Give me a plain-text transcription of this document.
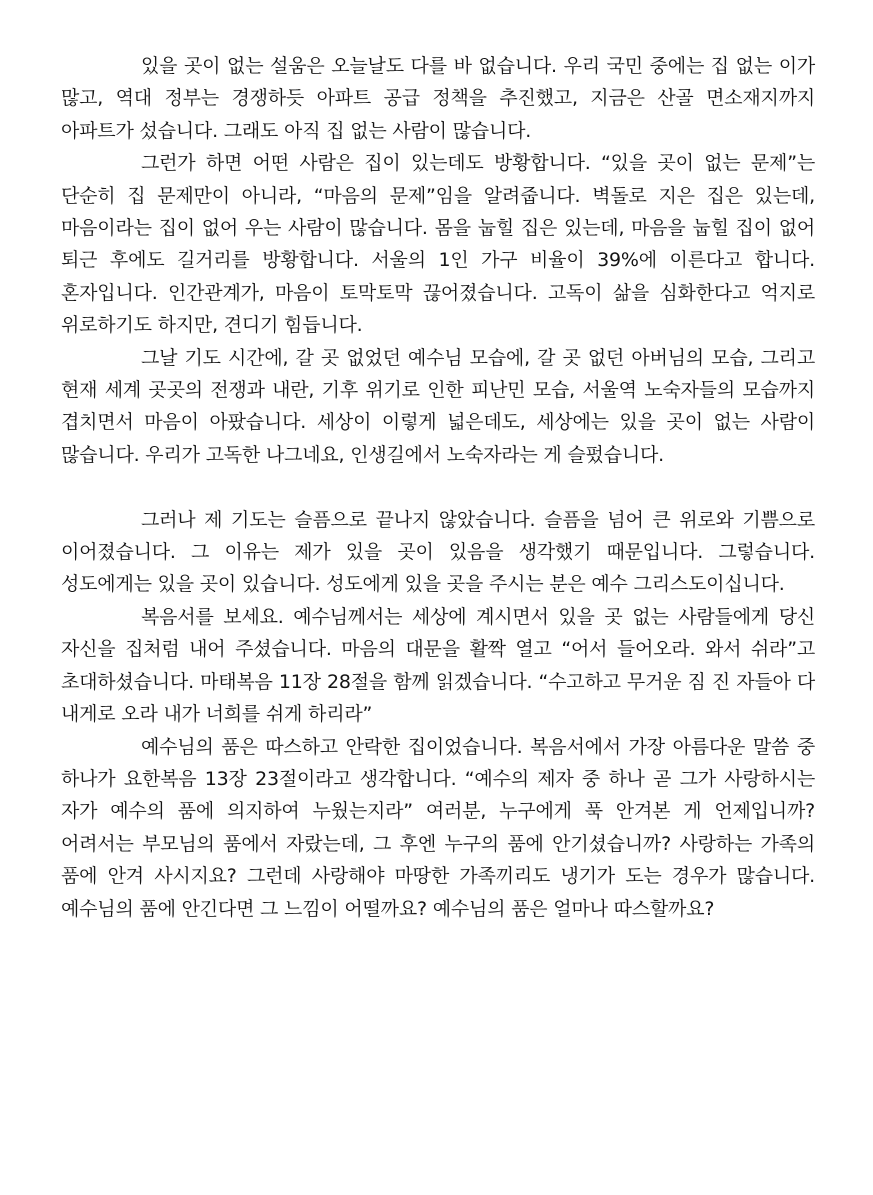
있을 곳이 없는 설움은 오늘날도 다를 바 없습니다. 우리 국민 중에는 집 없는 이가 많고, 역대 정부는 경쟁하듯 아파트 공급 정책을 추진했고, 지금은 산골 면소재지까지 아파트가 섰습니다. 그래도 아직 집 없는 사람이 많습니다.

그런가 하면 어떤 사람은 집이 있는데도 방황합니다. “있을 곳이 없는 문제”는 단순히 집 문제만이 아니라, “마음의 문제”임을 알려줍니다. 벽돌로 지은 집은 있는데, 마음이라는 집이 없어 우는 사람이 많습니다. 몸을 눕힐 집은 있는데, 마음을 눕힐 집이 없어 퇴근 후에도 길거리를 방황합니다. 서울의 1인 가구 비율이 39%에 이른다고 합니다. 혼자입니다. 인간관계가, 마음이 토막토막 끊어졌습니다. 고독이 삶을 심화한다고 억지로 위로하기도 하지만, 견디기 힘듭니다.

그날 기도 시간에, 갈 곳 없었던 예수님 모습에, 갈 곳 없던 아버님의 모습, 그리고 현재 세계 곳곳의 전쟁과 내란, 기후 위기로 인한 피난민 모습, 서울역 노숙자들의 모습까지 겹치면서 마음이 아팠습니다. 세상이 이렇게 넓은데도, 세상에는 있을 곳이 없는 사람이 많습니다. 우리가 고독한 나그네요, 인생길에서 노숙자라는 게 슬펐습니다.

그러나 제 기도는 슬픔으로 끝나지 않았습니다. 슬픔을 넘어 큰 위로와 기쁨으로 이어졌습니다. 그 이유는 제가 있을 곳이 있음을 생각했기 때문입니다. 그렇습니다. 성도에게는 있을 곳이 있습니다. 성도에게 있을 곳을 주시는 분은 예수 그리스도이십니다.

복음서를 보세요. 예수님께서는 세상에 계시면서 있을 곳 없는 사람들에게 당신 자신을 집처럼 내어 주셨습니다. 마음의 대문을 활짝 열고 “어서 들어오라. 와서 쉬라”고 초대하셨습니다. 마태복음 11장 28절을 함께 읽겠습니다. “수고하고 무거운 짐 진 자들아 다 내게로 오라 내가 너희를 쉬게 하리라”

예수님의 품은 따스하고 안락한 집이었습니다. 복음서에서 가장 아름다운 말씀 중 하나가 요한복음 13장 23절이라고 생각합니다. “예수의 제자 중 하나 곧 그가 사랑하시는 자가 예수의 품에 의지하여 누웠는지라” 여러분, 누구에게 푹 안겨본 게 언제입니까? 어려서는 부모님의 품에서 자랐는데, 그 후엔 누구의 품에 안기셨습니까? 사랑하는 가족의 품에 안겨 사시지요? 그런데 사랑해야 마땅한 가족끼리도 냉기가 도는 경우가 많습니다. 예수님의 품에 안긴다면 그 느낌이 어떨까요? 예수님의 품은 얼마나 따스할까요?
